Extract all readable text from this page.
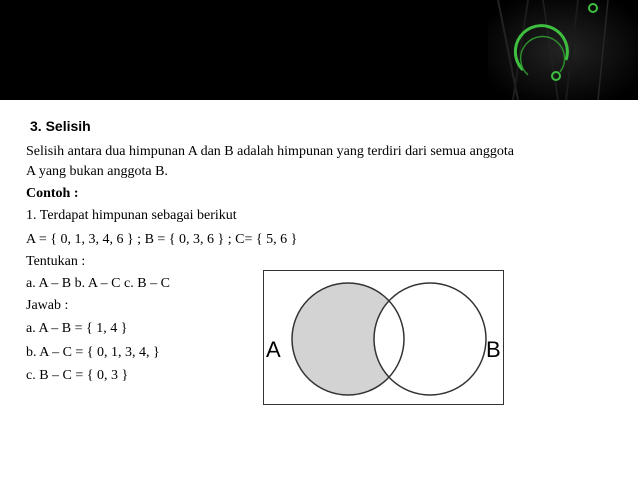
3. Selisih
Selisih antara dua himpunan A dan B adalah himpunan yang terdiri dari semua anggota
A yang bukan anggota B.
Contoh :
1. Terdapat himpunan sebagai berikut
A = { 0, 1, 3, 4, 6 } ; B = { 0, 3, 6 } ; C= { 5, 6 }
Tentukan :
a. A – B b. A – C c. B – C
Jawab :
a. A – B = { 1, 4 }
b. A – C = { 0, 1, 3, 4, }
c. B – C = { 0, 3 }
A	B
